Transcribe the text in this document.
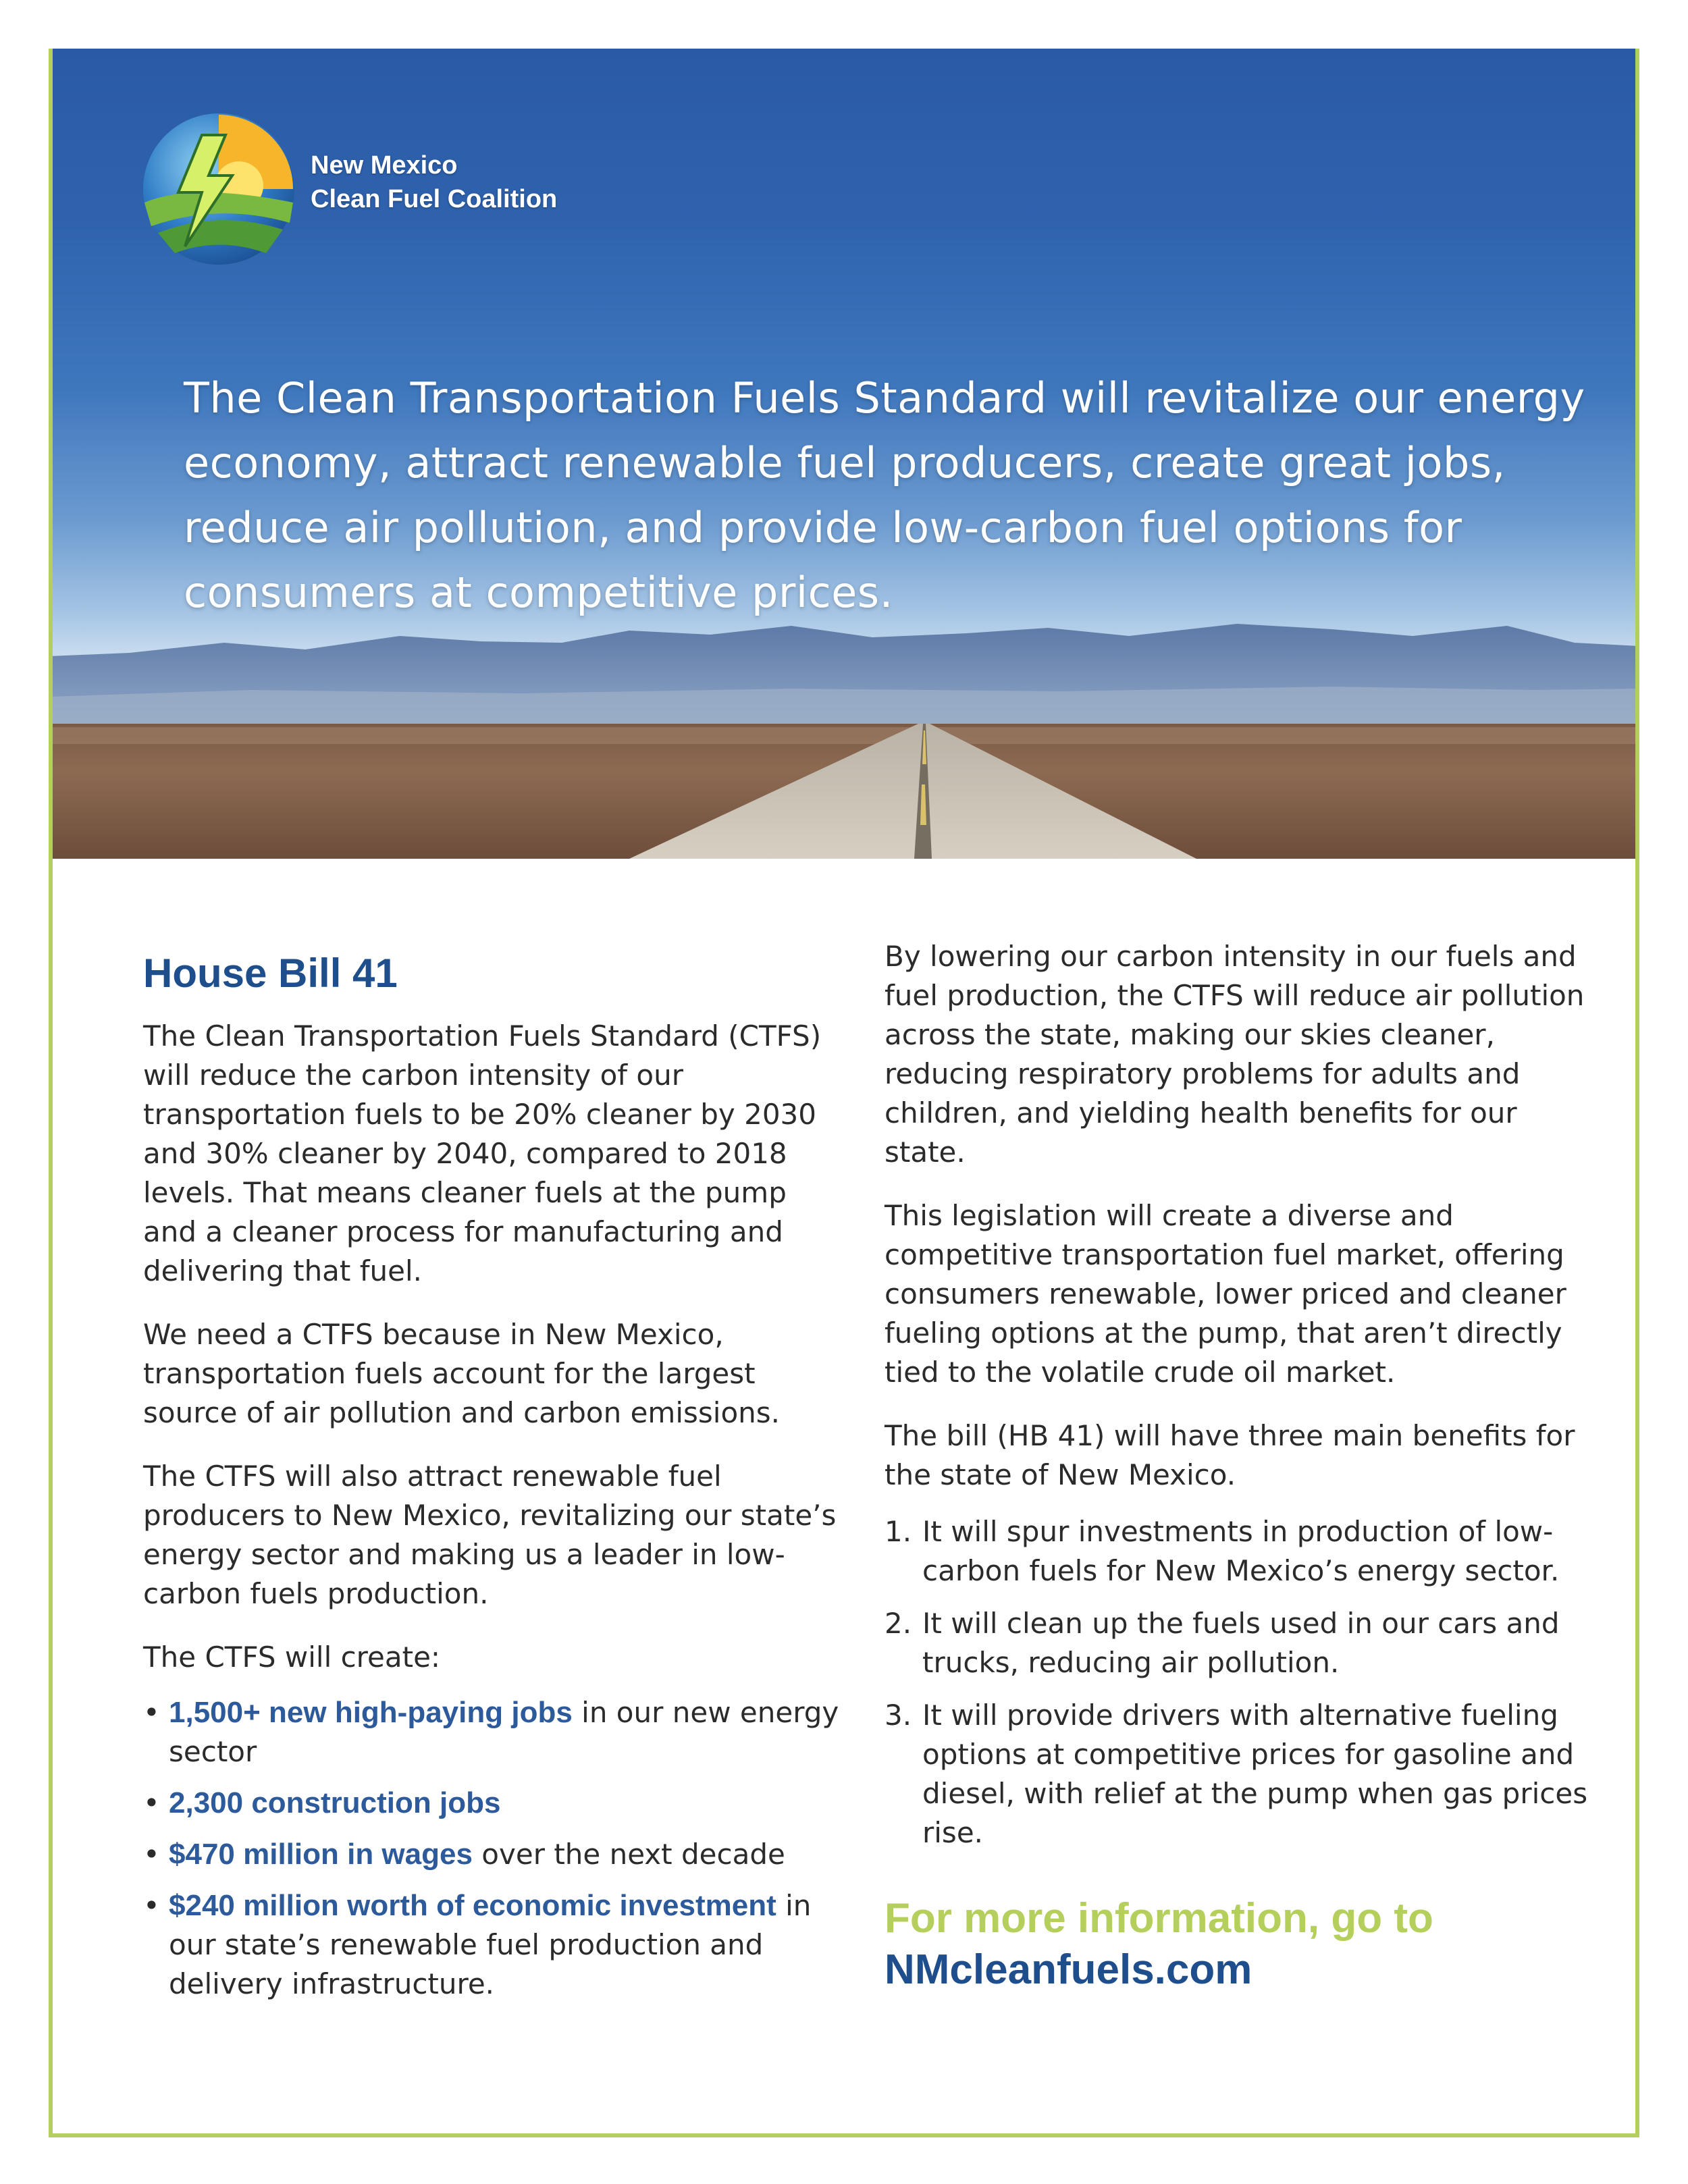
New Mexico
Clean Fuel Coalition
The Clean Transportation Fuels Standard will revitalize our energy economy, attract renewable fuel producers, create great jobs, reduce air pollution, and provide low-carbon fuel options for consumers at competitive prices.
House Bill 41

The Clean Transportation Fuels Standard (CTFS) will reduce the carbon intensity of our transportation fuels to be 20% cleaner by 2030 and 30% cleaner by 2040, compared to 2018 levels. That means cleaner fuels at the pump and a cleaner process for manufacturing and delivering that fuel.

We need a CTFS because in New Mexico, transportation fuels account for the largest source of air pollution and carbon emissions.

The CTFS will also attract renewable fuel producers to New Mexico, revitalizing our state’s energy sector and making us a leader in low-carbon fuels production.

The CTFS will create:

• 1,500+ new high-paying jobs in our new energy sector
• 2,300 construction jobs
• $470 million in wages over the next decade
• $240 million worth of economic investment in our state’s renewable fuel production and delivery infrastructure.

By lowering our carbon intensity in our fuels and fuel production, the CTFS will reduce air pollution across the state, making our skies cleaner, reducing respiratory problems for adults and children, and yielding health benefits for our state.

This legislation will create a diverse and competitive transportation fuel market, offering consumers renewable, lower priced and cleaner fueling options at the pump, that aren’t directly tied to the volatile crude oil market.

The bill (HB 41) will have three main benefits for the state of New Mexico.

1. It will spur investments in production of low-carbon fuels for New Mexico’s energy sector.
2. It will clean up the fuels used in our cars and trucks, reducing air pollution.
3. It will provide drivers with alternative fueling options at competitive prices for gasoline and diesel, with relief at the pump when gas prices rise.
For more information, go to
NMcleanfuels.com
